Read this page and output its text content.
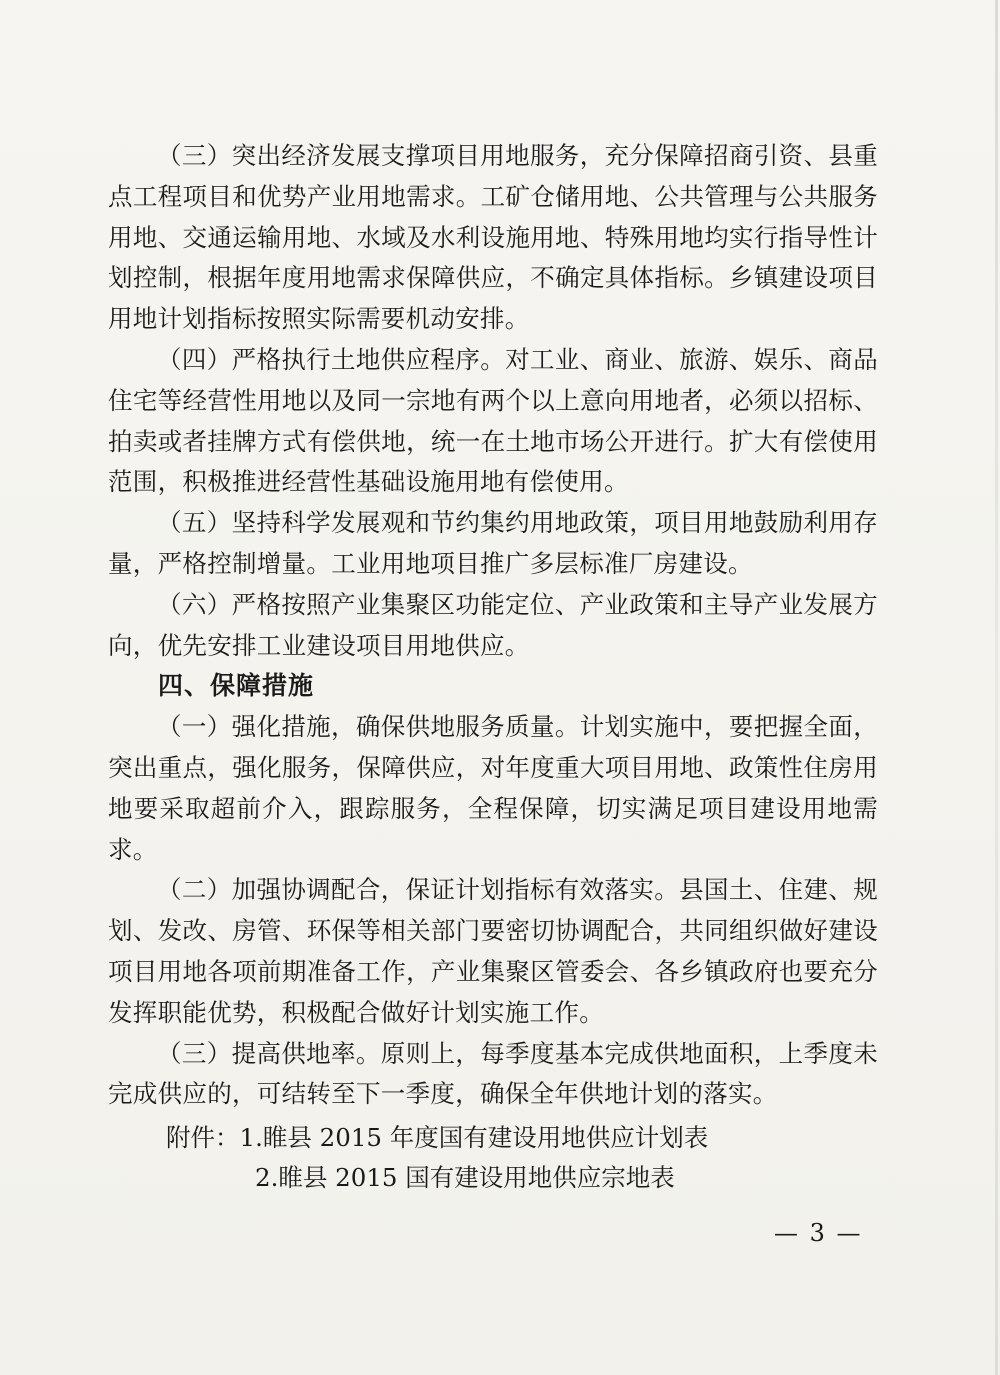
（三）突出经济发展支撑项目用地服务，充分保障招商引资、县重点工程项目和优势产业用地需求。工矿仓储用地、公共管理与公共服务用地、交通运输用地、水域及水利设施用地、特殊用地均实行指导性计划控制，根据年度用地需求保障供应，不确定具体指标。乡镇建设项目用地计划指标按照实际需要机动安排。

（四）严格执行土地供应程序。对工业、商业、旅游、娱乐、商品住宅等经营性用地以及同一宗地有两个以上意向用地者，必须以招标、拍卖或者挂牌方式有偿供地，统一在土地市场公开进行。扩大有偿使用范围，积极推进经营性基础设施用地有偿使用。

（五）坚持科学发展观和节约集约用地政策，项目用地鼓励利用存量，严格控制增量。工业用地项目推广多层标准厂房建设。

（六）严格按照产业集聚区功能定位、产业政策和主导产业发展方向，优先安排工业建设项目用地供应。

四、保障措施

（一）强化措施，确保供地服务质量。计划实施中，要把握全面，突出重点，强化服务，保障供应，对年度重大项目用地、政策性住房用地要采取超前介入，跟踪服务，全程保障，切实满足项目建设用地需求。

（二）加强协调配合，保证计划指标有效落实。县国土、住建、规划、发改、房管、环保等相关部门要密切协调配合，共同组织做好建设项目用地各项前期准备工作，产业集聚区管委会、各乡镇政府也要充分发挥职能优势，积极配合做好计划实施工作。

（三）提高供地率。原则上，每季度基本完成供地面积，上季度未完成供应的，可结转至下一季度，确保全年供地计划的落实。

附件：1.睢县 2015 年度国有建设用地供应计划表
2.睢县 2015 国有建设用地供应宗地表
— 3 —
